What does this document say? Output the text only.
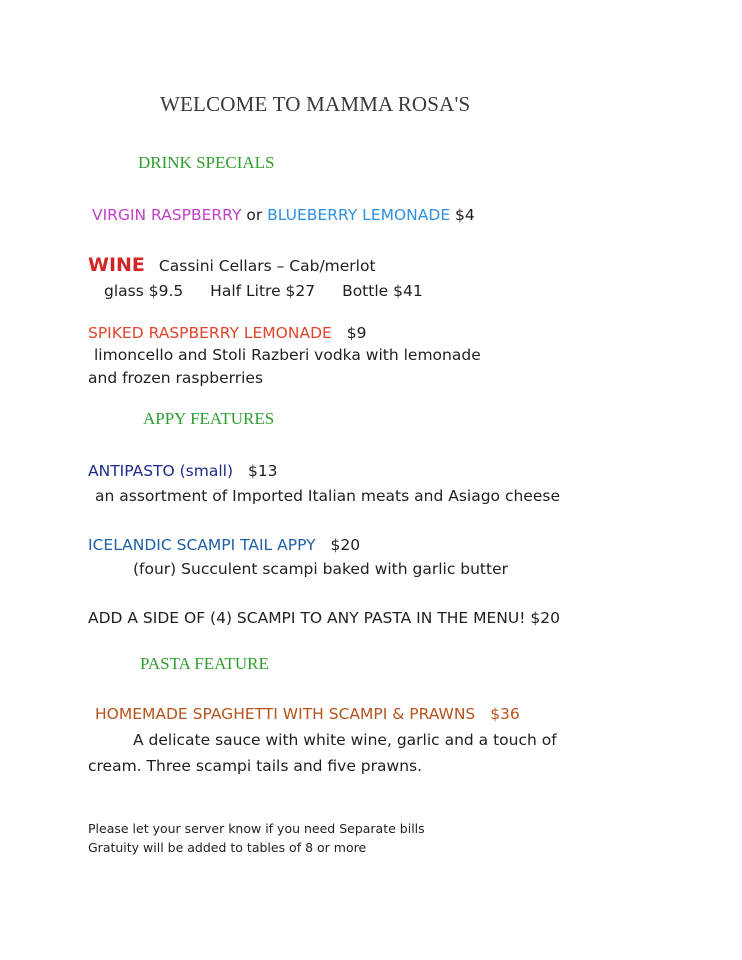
WELCOME TO MAMMA ROSA'S
DRINK SPECIALS
VIRGIN RASPBERRY or BLUEBERRY LEMONADE $4
WINE Cassini Cellars – Cab/merlot
glass $9.5 Half Litre $27 Bottle $41
SPIKED RASPBERRY LEMONADE $9
limoncello and Stoli Razberi vodka with lemonade
and frozen raspberries
APPY FEATURES
ANTIPASTO (small) $13
an assortment of Imported Italian meats and Asiago cheese
ICELANDIC SCAMPI TAIL APPY $20
(four) Succulent scampi baked with garlic butter
ADD A SIDE OF (4) SCAMPI TO ANY PASTA IN THE MENU! $20
PASTA FEATURE
HOMEMADE SPAGHETTI WITH SCAMPI & PRAWNS $36
A delicate sauce with white wine, garlic and a touch of
cream. Three scampi tails and five prawns.
Please let your server know if you need Separate bills
Gratuity will be added to tables of 8 or more
